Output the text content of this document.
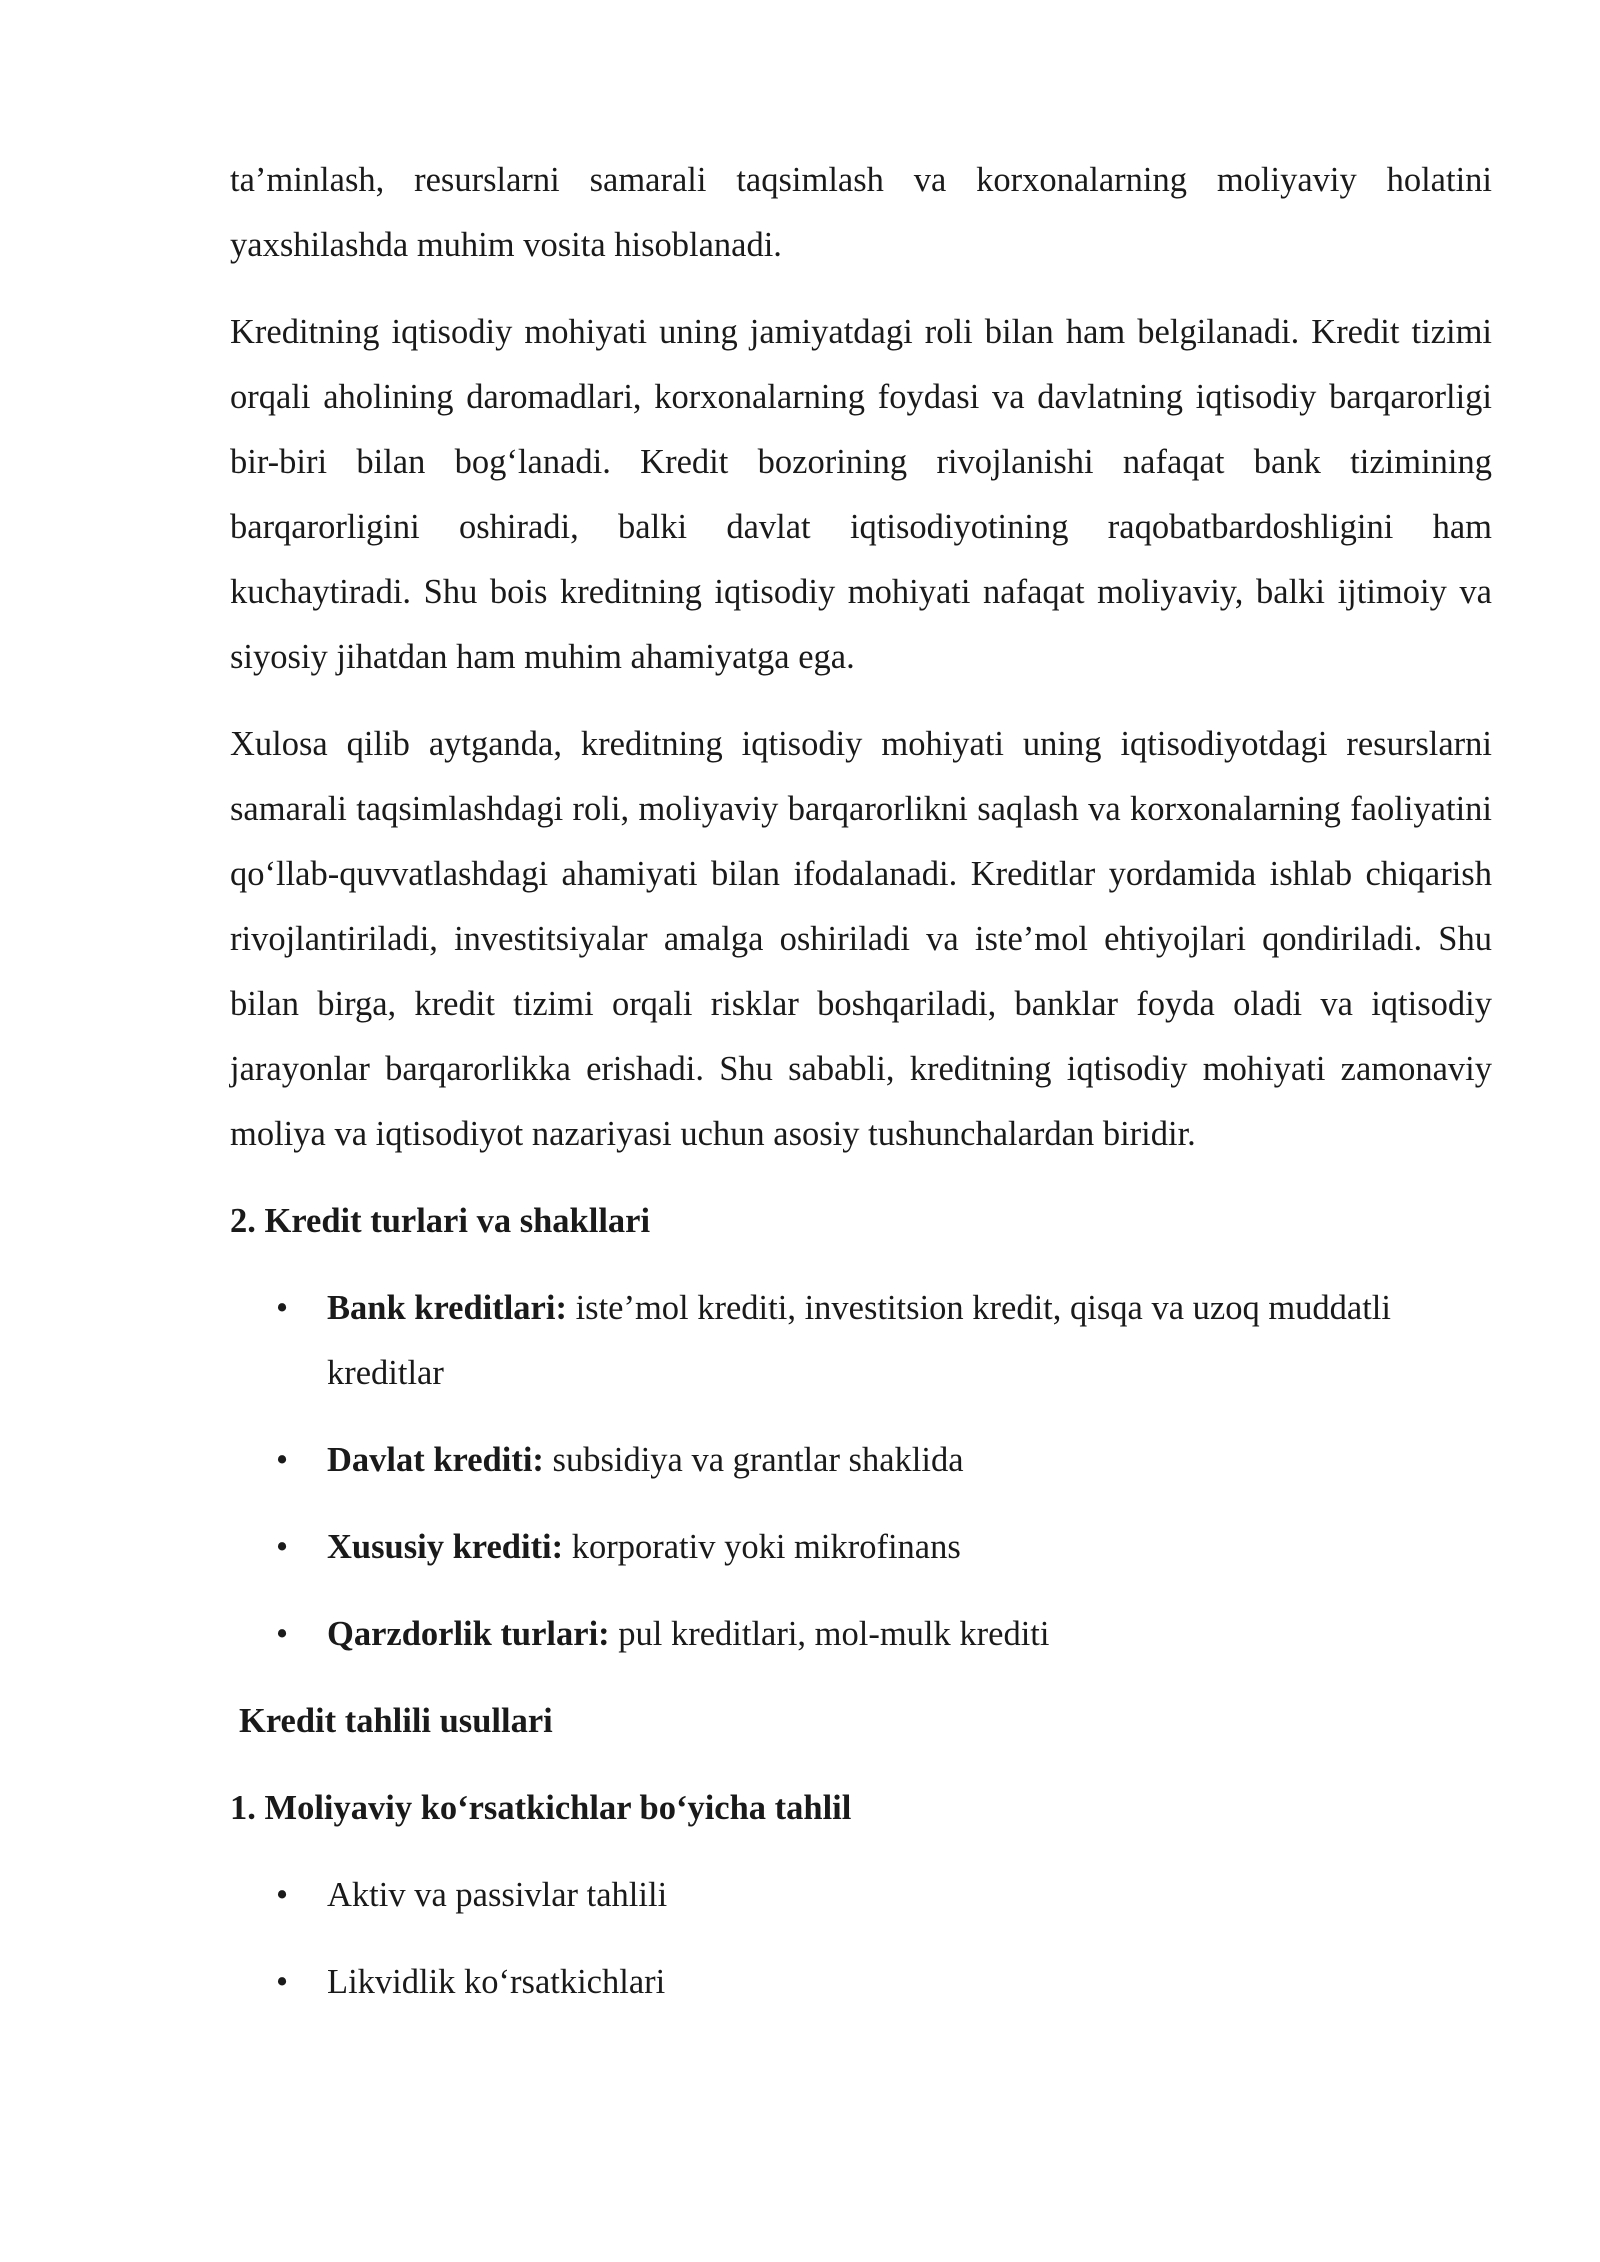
ta’minlash, resurslarni samarali taqsimlash va korxonalarning moliyaviy holatini yaxshilashda muhim vosita hisoblanadi.

Kreditning iqtisodiy mohiyati uning jamiyatdagi roli bilan ham belgilanadi. Kredit tizimi orqali aholining daromadlari, korxonalarning foydasi va davlatning iqtisodiy barqarorligi bir-biri bilan bog‘lanadi. Kredit bozorining rivojlanishi nafaqat bank tizimining barqarorligini oshiradi, balki davlat iqtisodiyotining raqobatbardoshligini ham kuchaytiradi. Shu bois kreditning iqtisodiy mohiyati nafaqat moliyaviy, balki ijtimoiy va siyosiy jihatdan ham muhim ahamiyatga ega.

Xulosa qilib aytganda, kreditning iqtisodiy mohiyati uning iqtisodiyotdagi resurslarni samarali taqsimlashdagi roli, moliyaviy barqarorlikni saqlash va korxonalarning faoliyatini qo‘llab-quvvatlashdagi ahamiyati bilan ifodalanadi. Kreditlar yordamida ishlab chiqarish rivojlantiriladi, investitsiyalar amalga oshiriladi va iste’mol ehtiyojlari qondiriladi. Shu bilan birga, kredit tizimi orqali risklar boshqariladi, banklar foyda oladi va iqtisodiy jarayonlar barqarorlikka erishadi. Shu sababli, kreditning iqtisodiy mohiyati zamonaviy moliya va iqtisodiyot nazariyasi uchun asosiy tushunchalardan biridir.

2. Kredit turlari va shakllari
• Bank kreditlari: iste’mol krediti, investitsion kredit, qisqa va uzoq muddatli kreditlar
• Davlat krediti: subsidiya va grantlar shaklida
• Xususiy krediti: korporativ yoki mikrofinans
• Qarzdorlik turlari: pul kreditlari, mol-mulk krediti
Kredit tahlili usullari
1. Moliyaviy ko‘rsatkichlar bo‘yicha tahlil
• Aktiv va passivlar tahlili
• Likvidlik ko‘rsatkichlari
